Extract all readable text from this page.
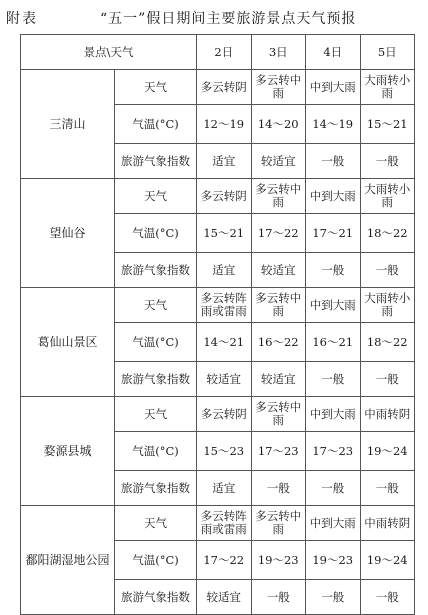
附表	“五一”假日期间主要旅游景点天气预报
景点\天气		2日	3日	4日	5日
三清山	天气	多云转阴	多云转中雨	中到大雨	大雨转小雨
	气温(°C)	12～19	14～20	14～19	15～21
	旅游气象指数	适宜	较适宜	一般	一般
望仙谷	天气	多云转阴	多云转中雨	中到大雨	大雨转小雨
	气温(°C)	15～21	17～22	17～21	18～22
	旅游气象指数	适宜	较适宜	一般	一般
葛仙山景区	天气	多云转阵雨或雷雨	多云转中雨	中到大雨	大雨转小雨
	气温(°C)	14～21	16～22	16～21	18～22
	旅游气象指数	较适宜	较适宜	一般	一般
婺源县城	天气	多云转阴	多云转中雨	中到大雨	中雨转阴
	气温(°C)	15～23	17～23	17～23	19～24
	旅游气象指数	适宜	一般	一般	一般
鄱阳湖湿地公园	天气	多云转阵雨或雷雨	多云转中雨	中到大雨	中雨转阴
	气温(°C)	17～22	19～23	19～23	19～24
	旅游气象指数	较适宜	一般	一般	一般
